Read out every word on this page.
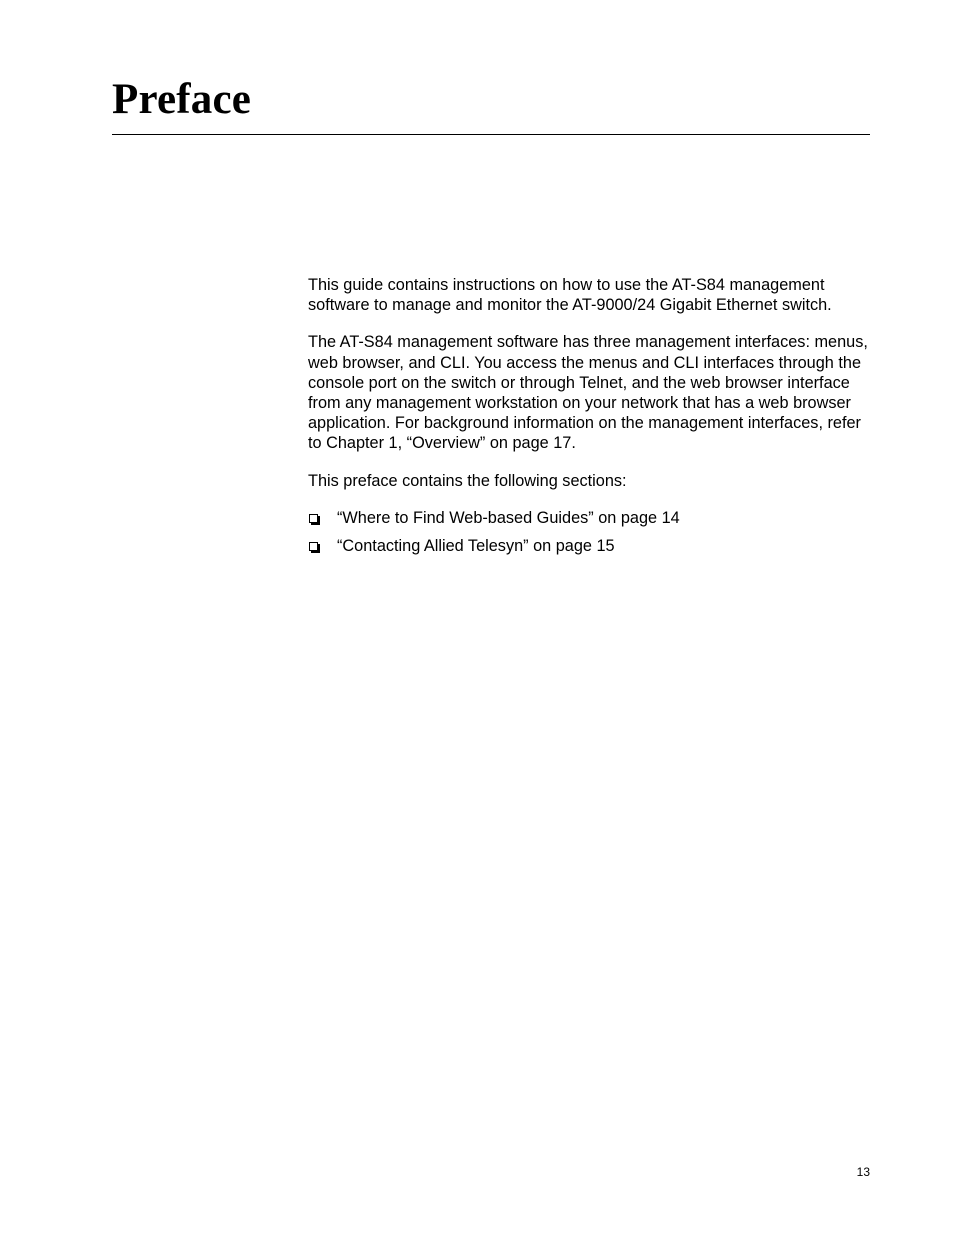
Preface

This guide contains instructions on how to use the AT-S84 management software to manage and monitor the AT-9000/24 Gigabit Ethernet switch.

The AT-S84 management software has three management interfaces: menus, web browser, and CLI. You access the menus and CLI interfaces through the console port on the switch or through Telnet, and the web browser interface from any management workstation on your network that has a web browser application. For background information on the management interfaces, refer to Chapter 1, “Overview” on page 17.

This preface contains the following sections:

“Where to Find Web-based Guides” on page 14
“Contacting Allied Telesyn” on page 15
13
